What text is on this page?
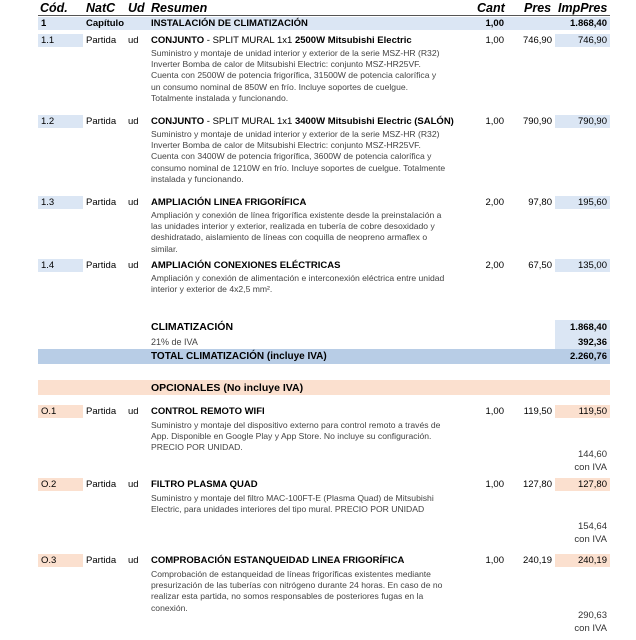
Cód. NatC Ud Resumen	Cant Pres ImpPres
1	Capítulo	INSTALACIÓN DE CLIMATIZACIÓN	1,00	1.868,40
1.1	Partida ud CONJUNTO - SPLIT MURAL 1x1 2500W Mitsubishi Electric	1,00	746,90	746,90
Suministro y montaje de unidad interior y exterior de la serie MSZ-HR (R32)
Inverter Bomba de calor de Mitsubishi Electric: conjunto MSZ-HR25VF.
Cuenta con 2500W de potencia frigorífica, 31500W de potencia calorífica y
un consumo nominal de 850W en frío. Incluye soportes de cuelgue.
Totalmente instalada y funcionando.
1.2	Partida ud CONJUNTO - SPLIT MURAL 1x1 3400W Mitsubishi Electric (SALÓN)	1,00	790,90	790,90
Suministro y montaje de unidad interior y exterior de la serie MSZ-HR (R32)
Inverter Bomba de calor de Mitsubishi Electric: conjunto MSZ-HR25VF.
Cuenta con 3400W de potencia frigorífica, 3600W de potencia calorífica y
consumo nominal de 1210W en frío. Incluye soportes de cuelgue. Totalmente
instalada y funcionando.
1.3	Partida ud AMPLIACIÓN LINEA FRIGORÍFICA	2,00	97,80	195,60
Ampliación y conexión de línea frigorífica existente desde la preinstalación a
las unidades interior y exterior, realizada en tubería de cobre desoxidado y
deshidratado, aislamiento de líneas con coquilla de neopreno armaflex o
similar.
1.4	Partida ud AMPLIACIÓN CONEXIONES ELÉCTRICAS	2,00	67,50	135,00
Ampliación y conexión de alimentación e interconexión eléctrica entre unidad
interior y exterior de 4x2,5 mm².
CLIMATIZACIÓN	1.868,40
21% de IVA	392,36
TOTAL CLIMATIZACIÓN (incluye IVA)	2.260,76
OPCIONALES (No incluye IVA)
O.1	Partida ud CONTROL REMOTO WIFI	1,00	119,50	119,50
Suministro y montaje del dispositivo externo para control remoto a través de
App. Disponible en Google Play y App Store. No incluye su configuración.
PRECIO POR UNIDAD.
144,60
con IVA
O.2	Partida ud FILTRO PLASMA QUAD	1,00	127,80	127,80
Suministro y montaje del filtro MAC-100FT-E (Plasma Quad) de Mitsubishi
Electric, para unidades interiores del tipo mural. PRECIO POR UNIDAD
154,64
con IVA
O.3	Partida ud COMPROBACIÓN ESTANQUEIDAD LINEA FRIGORÍFICA	1,00	240,19	240,19
Comprobación de estanqueidad de líneas frigoríficas existentes mediante
presurización de las tuberías con nitrógeno durante 24 horas. En caso de no
realizar esta partida, no somos responsables de posteriores fugas en la
conexión.
290,63
con IVA
